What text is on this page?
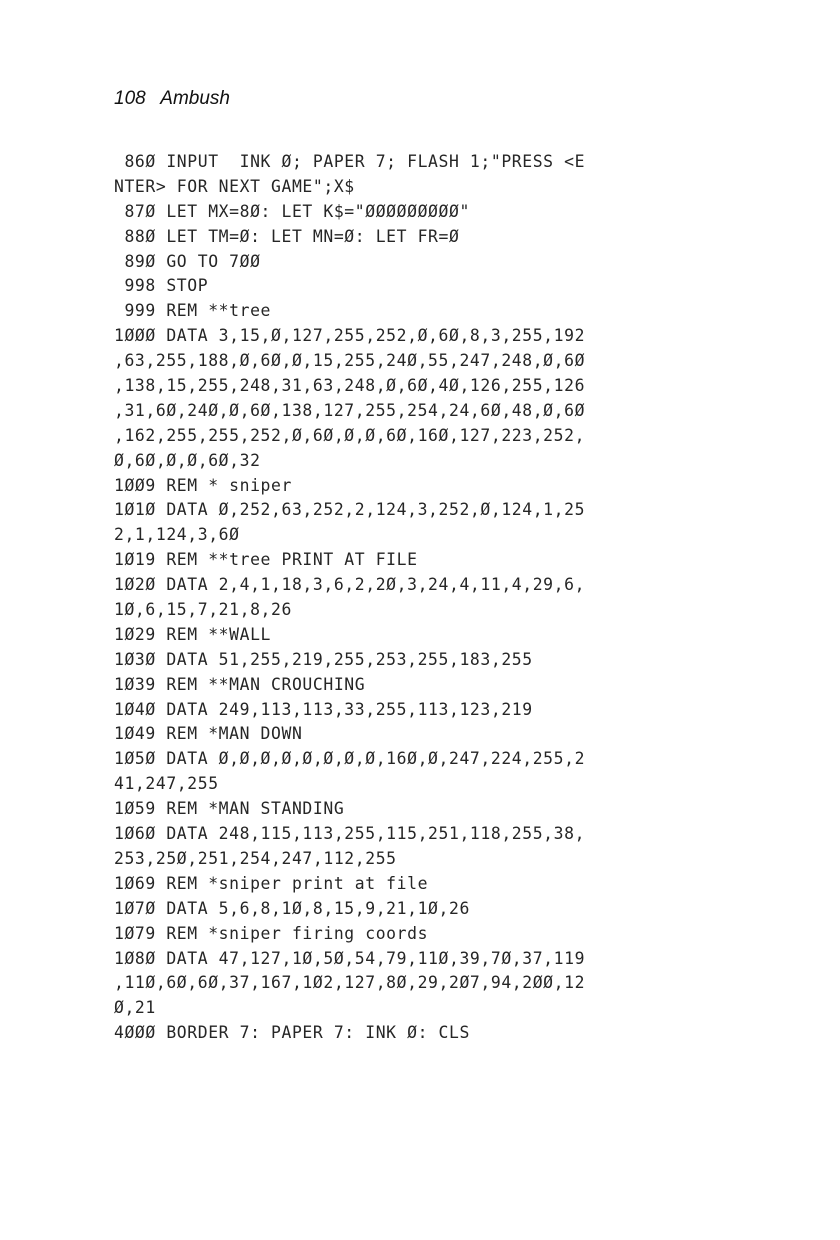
108 Ambush
86Ø INPUT  INK Ø; PAPER 7; FLASH 1;"PRESS <E
NTER> FOR NEXT GAME";X$
87Ø LET MX=8Ø: LET K$="ØØØØØØØØØ"
88Ø LET TM=Ø: LET MN=Ø: LET FR=Ø
89Ø GO TO 7ØØ
998 STOP
999 REM **tree
1ØØØ DATA 3,15,Ø,127,255,252,Ø,6Ø,8,3,255,192
,63,255,188,Ø,6Ø,Ø,15,255,24Ø,55,247,248,Ø,6Ø
,138,15,255,248,31,63,248,Ø,6Ø,4Ø,126,255,126
,31,6Ø,24Ø,Ø,6Ø,138,127,255,254,24,6Ø,48,Ø,6Ø
,162,255,255,252,Ø,6Ø,Ø,Ø,6Ø,16Ø,127,223,252,
Ø,6Ø,Ø,Ø,6Ø,32
1ØØ9 REM * sniper
1Ø1Ø DATA Ø,252,63,252,2,124,3,252,Ø,124,1,25
2,1,124,3,6Ø
1Ø19 REM **tree PRINT AT FILE
1Ø2Ø DATA 2,4,1,18,3,6,2,2Ø,3,24,4,11,4,29,6,
1Ø,6,15,7,21,8,26
1Ø29 REM **WALL
1Ø3Ø DATA 51,255,219,255,253,255,183,255
1Ø39 REM **MAN CROUCHING
1Ø4Ø DATA 249,113,113,33,255,113,123,219
1Ø49 REM *MAN DOWN
1Ø5Ø DATA Ø,Ø,Ø,Ø,Ø,Ø,Ø,Ø,16Ø,Ø,247,224,255,2
41,247,255
1Ø59 REM *MAN STANDING
1Ø6Ø DATA 248,115,113,255,115,251,118,255,38,
253,25Ø,251,254,247,112,255
1Ø69 REM *sniper print at file
1Ø7Ø DATA 5,6,8,1Ø,8,15,9,21,1Ø,26
1Ø79 REM *sniper firing coords
1Ø8Ø DATA 47,127,1Ø,5Ø,54,79,11Ø,39,7Ø,37,119
,11Ø,6Ø,6Ø,37,167,1Ø2,127,8Ø,29,2Ø7,94,2ØØ,12
Ø,21
4ØØØ BORDER 7: PAPER 7: INK Ø: CLS
